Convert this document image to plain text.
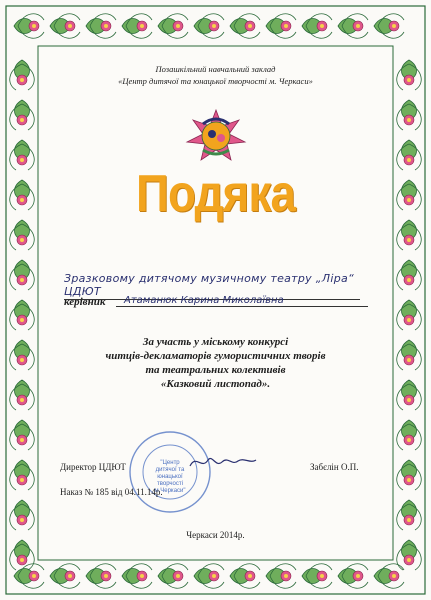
Позашкільний навчальний заклад
«Центр дитячої та юнацької творчості м. Черкаси»
Подяка
Зразковому дитячому музичному театру „Ліра“ ЦДЮТ
керівник	Атаманюк Карина Миколаївна
За участь у міському конкурсі
читців-декламаторів гумористичних творів
та театральних колективів
«Казковий листопад».
"Центр
дитячої та
юнацької
творчості
м.Черкаси"
Директор ЦДЮТ	Забєлін О.П.
Наказ № 185 від 04.11.14р.
Черкаси 2014р.
